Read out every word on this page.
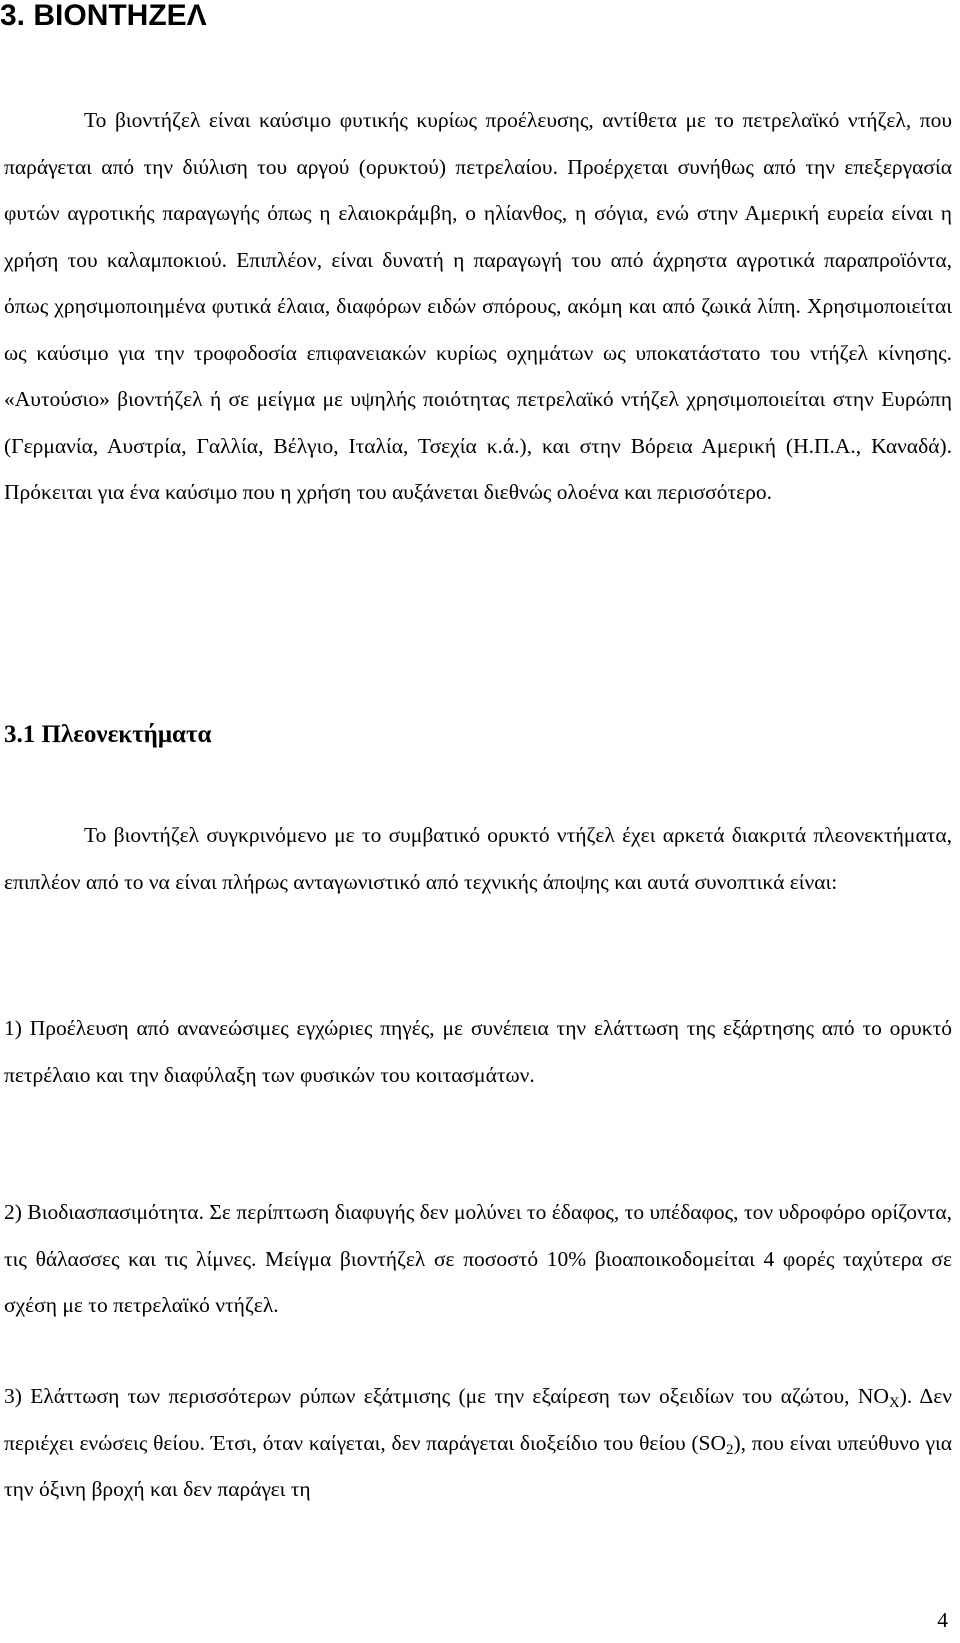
3. ΒΙΟΝΤΗΖΕΛ

Το βιοντήζελ είναι καύσιμο φυτικής κυρίως προέλευσης, αντίθετα με το πετρελαϊκό ντήζελ, που παράγεται από την διύλιση του αργού (ορυκτού) πετρελαίου. Προέρχεται συνήθως από την επεξεργασία φυτών αγροτικής παραγωγής όπως η ελαιοκράμβη, ο ηλίανθος, η σόγια, ενώ στην Αμερική ευρεία είναι η χρήση του καλαμποκιού. Επιπλέον, είναι δυνατή η παραγωγή του από άχρηστα αγροτικά παραπροϊόντα, όπως χρησιμοποιημένα φυτικά έλαια, διαφόρων ειδών σπόρους, ακόμη και από ζωικά λίπη. Χρησιμοποιείται ως καύσιμο για την τροφοδοσία επιφανειακών κυρίως οχημάτων ως υποκατάστατο του ντήζελ κίνησης. «Αυτούσιο» βιοντήζελ ή σε μείγμα με υψηλής ποιότητας πετρελαϊκό ντήζελ χρησιμοποιείται στην Ευρώπη (Γερμανία, Αυστρία, Γαλλία, Βέλγιο, Ιταλία, Τσεχία κ.ά.), και στην Βόρεια Αμερική (Η.Π.Α., Καναδά). Πρόκειται για ένα καύσιμο που η χρήση του αυξάνεται διεθνώς ολοένα και περισσότερο.

3.1 Πλεονεκτήματα

Το βιοντήζελ συγκρινόμενο με το συμβατικό ορυκτό ντήζελ έχει αρκετά διακριτά πλεονεκτήματα, επιπλέον από το να είναι πλήρως ανταγωνιστικό από τεχνικής άποψης και αυτά συνοπτικά είναι:

1) Προέλευση από ανανεώσιμες εγχώριες πηγές, με συνέπεια την ελάττωση της εξάρτησης από το ορυκτό πετρέλαιο και την διαφύλαξη των φυσικών του κοιτασμάτων.

2) Βιοδιασπασιμότητα. Σε περίπτωση διαφυγής δεν μολύνει το έδαφος, το υπέδαφος, τον υδροφόρο ορίζοντα, τις θάλασσες και τις λίμνες. Μείγμα βιοντήζελ σε ποσοστό 10% βιοαποικοδομείται 4 φορές ταχύτερα σε σχέση με το πετρελαϊκό ντήζελ.

3) Ελάττωση των περισσότερων ρύπων εξάτμισης (με την εξαίρεση των οξειδίων του αζώτου, $NO_X$). Δεν περιέχει ενώσεις θείου. Έτσι, όταν καίγεται, δεν παράγεται διοξείδιο του θείου $(SO_2)$, που είναι υπεύθυνο για την όξινη βροχή και δεν παράγει τη

4
